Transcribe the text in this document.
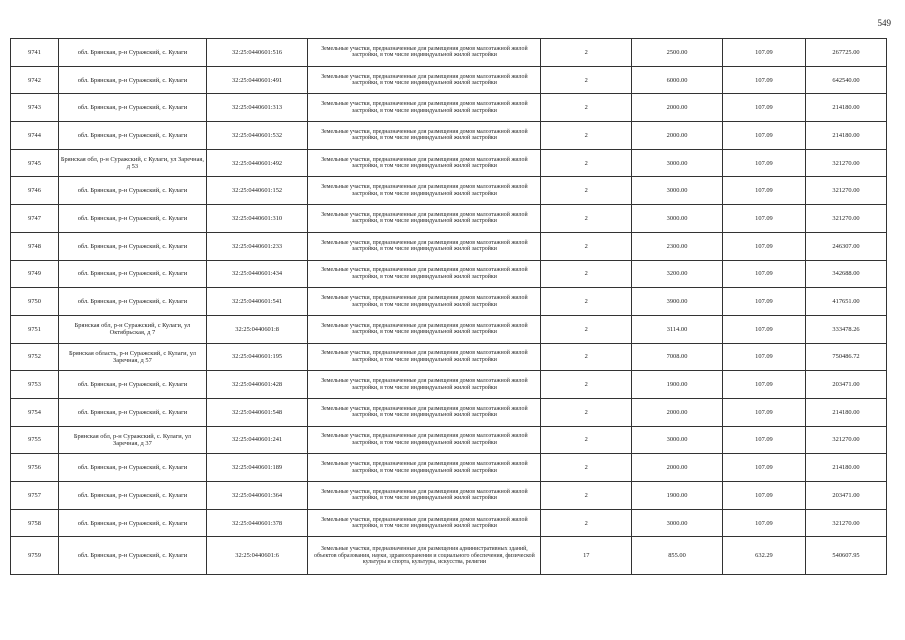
549
9741	обл. Брянская, р-н Суражский, с. Кулаги	32:25:0440601:516	Земельные участки, предназначенные для размещения домов малоэтажной жилой застройки, в том числе индивидуальной жилой застройки	2	2500.00	107.09	267725.00
9742	обл. Брянская, р-н Суражский, с. Кулаги	32:25:0440601:491	Земельные участки, предназначенные для размещения домов малоэтажной жилой застройки, в том числе индивидуальной жилой застройки	2	6000.00	107.09	642540.00
9743	обл. Брянская, р-н Суражский, с. Кулаги	32:25:0440601:313	Земельные участки, предназначенные для размещения домов малоэтажной жилой застройки, в том числе индивидуальной жилой застройки	2	2000.00	107.09	214180.00
9744	обл. Брянская, р-н Суражский, с. Кулаги	32:25:0440601:532	Земельные участки, предназначенные для размещения домов малоэтажной жилой застройки, в том числе индивидуальной жилой застройки	2	2000.00	107.09	214180.00
9745	Брянская обл, р-н Суражский, с Кулаги, ул Заречная, д 53	32:25:0440601:492	Земельные участки, предназначенные для размещения домов малоэтажной жилой застройки, в том числе индивидуальной жилой застройки	2	3000.00	107.09	321270.00
9746	обл. Брянская, р-н Суражский, с. Кулаги	32:25:0440601:152	Земельные участки, предназначенные для размещения домов малоэтажной жилой застройки, в том числе индивидуальной жилой застройки	2	3000.00	107.09	321270.00
9747	обл. Брянская, р-н Суражский, с. Кулаги	32:25:0440601:310	Земельные участки, предназначенные для размещения домов малоэтажной жилой застройки, в том числе индивидуальной жилой застройки	2	3000.00	107.09	321270.00
9748	обл. Брянская, р-н Суражский, с. Кулаги	32:25:0440601:233	Земельные участки, предназначенные для размещения домов малоэтажной жилой застройки, в том числе индивидуальной жилой застройки	2	2300.00	107.09	246307.00
9749	обл. Брянская, р-н Суражский, с. Кулаги	32:25:0440601:434	Земельные участки, предназначенные для размещения домов малоэтажной жилой застройки, в том числе индивидуальной жилой застройки	2	3200.00	107.09	342688.00
9750	обл. Брянская, р-н Суражский, с. Кулаги	32:25:0440601:541	Земельные участки, предназначенные для размещения домов малоэтажной жилой застройки, в том числе индивидуальной жилой застройки	2	3900.00	107.09	417651.00
9751	Брянская обл, р-н Суражский, с Кулаги, ул Октябрьская, д 7	32:25:0440601:8	Земельные участки, предназначенные для размещения домов малоэтажной жилой застройки, в том числе индивидуальной жилой застройки	2	3114.00	107.09	333478.26
9752	Брянская область, р-н Суражский, с Кулаги, ул Заречная, д 57	32:25:0440601:195	Земельные участки, предназначенные для размещения домов малоэтажной жилой застройки, в том числе индивидуальной жилой застройки	2	7008.00	107.09	750486.72
9753	обл. Брянская, р-н Суражский, с. Кулаги	32:25:0440601:428	Земельные участки, предназначенные для размещения домов малоэтажной жилой застройки, в том числе индивидуальной жилой застройки	2	1900.00	107.09	203471.00
9754	обл. Брянская, р-н Суражский, с. Кулаги	32:25:0440601:548	Земельные участки, предназначенные для размещения домов малоэтажной жилой застройки, в том числе индивидуальной жилой застройки	2	2000.00	107.09	214180.00
9755	Брянская обл, р-н Суражский, с. Кулаги, ул Заречная, д 37	32:25:0440601:241	Земельные участки, предназначенные для размещения домов малоэтажной жилой застройки, в том числе индивидуальной жилой застройки	2	3000.00	107.09	321270.00
9756	обл. Брянская, р-н Суражский, с. Кулаги	32:25:0440601:189	Земельные участки, предназначенные для размещения домов малоэтажной жилой застройки, в том числе индивидуальной жилой застройки	2	2000.00	107.09	214180.00
9757	обл. Брянская, р-н Суражский, с. Кулаги	32:25:0440601:364	Земельные участки, предназначенные для размещения домов малоэтажной жилой застройки, в том числе индивидуальной жилой застройки	2	1900.00	107.09	203471.00
9758	обл. Брянская, р-н Суражский, с. Кулаги	32:25:0440601:378	Земельные участки, предназначенные для размещения домов малоэтажной жилой застройки, в том числе индивидуальной жилой застройки	2	3000.00	107.09	321270.00
9759	обл. Брянская, р-н Суражский, с. Кулаги	32:25:0440601:6	Земельные участки, предназначенные для размещения административных зданий, объектов образования, науки, здравоохранения и социального обеспечения, физической культуры и спорта, культуры, искусства, религии	17	855.00	632.29	540607.95
